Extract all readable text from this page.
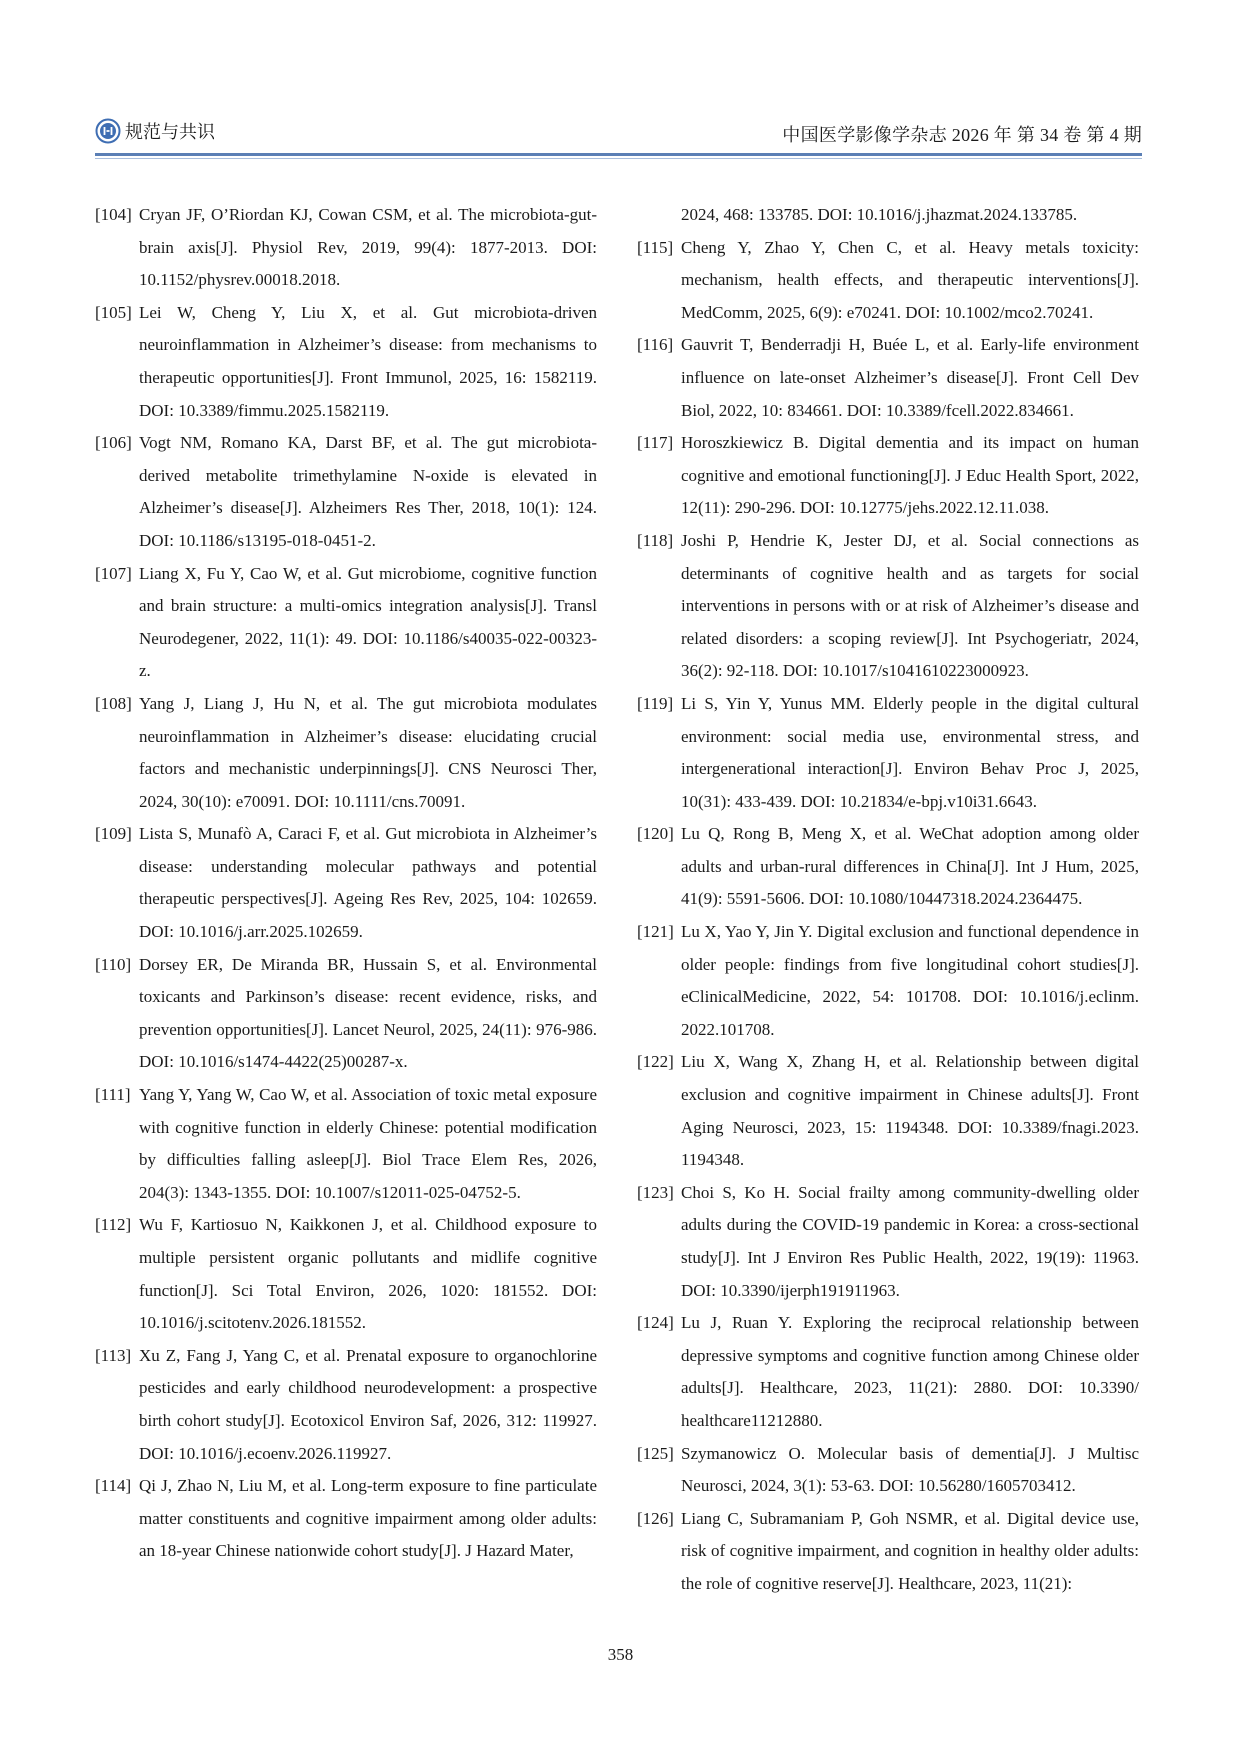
规范与共识	中国医学影像学杂志 2026 年 第 34 卷 第 4 期
[104] Cryan JF, O’Riordan KJ, Cowan CSM, et al. The microbiota-gut-brain axis[J]. Physiol Rev, 2019, 99(4): 1877-2013. DOI: 10.1152/physrev.00018.2018.
[105] Lei W, Cheng Y, Liu X, et al. Gut microbiota-driven neuroinflammation in Alzheimer’s disease: from mechanisms to therapeutic opportunities[J]. Front Immunol, 2025, 16: 1582119. DOI: 10.3389/fimmu.2025.1582119.
[106] Vogt NM, Romano KA, Darst BF, et al. The gut microbiota-derived metabolite trimethylamine N-oxide is elevated in Alzheimer’s disease[J]. Alzheimers Res Ther, 2018, 10(1): 124. DOI: 10.1186/s13195-018-0451-2.
[107] Liang X, Fu Y, Cao W, et al. Gut microbiome, cognitive function and brain structure: a multi-omics integration analysis[J]. Transl Neurodegener, 2022, 11(1): 49. DOI: 10.1186/s40035-022-00323-z.
[108] Yang J, Liang J, Hu N, et al. The gut microbiota modulates neuroinflammation in Alzheimer’s disease: elucidating crucial factors and mechanistic underpinnings[J]. CNS Neurosci Ther, 2024, 30(10): e70091. DOI: 10.1111/cns.70091.
[109] Lista S, Munafò A, Caraci F, et al. Gut microbiota in Alzheimer’s disease: understanding molecular pathways and potential therapeutic perspectives[J]. Ageing Res Rev, 2025, 104: 102659. DOI: 10.1016/j.arr.2025.102659.
[110] Dorsey ER, De Miranda BR, Hussain S, et al. Environmental toxicants and Parkinson’s disease: recent evidence, risks, and prevention opportunities[J]. Lancet Neurol, 2025, 24(11): 976-986. DOI: 10.1016/s1474-4422(25)00287-x.
[111] Yang Y, Yang W, Cao W, et al. Association of toxic metal exposure with cognitive function in elderly Chinese: potential modification by difficulties falling asleep[J]. Biol Trace Elem Res, 2026, 204(3): 1343-1355. DOI: 10.1007/s12011-025-04752-5.
[112] Wu F, Kartiosuo N, Kaikkonen J, et al. Childhood exposure to multiple persistent organic pollutants and midlife cognitive function[J]. Sci Total Environ, 2026, 1020: 181552. DOI: 10.1016/j.scitotenv.2026.181552.
[113] Xu Z, Fang J, Yang C, et al. Prenatal exposure to organochlorine pesticides and early childhood neurodevelopment: a prospective birth cohort study[J]. Ecotoxicol Environ Saf, 2026, 312: 119927. DOI: 10.1016/j.ecoenv.2026.119927.
[114] Qi J, Zhao N, Liu M, et al. Long-term exposure to fine particulate matter constituents and cognitive impairment among older adults: an 18-year Chinese nationwide cohort study[J]. J Hazard Mater,
2024, 468: 133785. DOI: 10.1016/j.jhazmat.2024.133785.
[115] Cheng Y, Zhao Y, Chen C, et al. Heavy metals toxicity: mechanism, health effects, and therapeutic interventions[J]. MedComm, 2025, 6(9): e70241. DOI: 10.1002/mco2.70241.
[116] Gauvrit T, Benderradji H, Buée L, et al. Early-life environment influence on late-onset Alzheimer’s disease[J]. Front Cell Dev Biol, 2022, 10: 834661. DOI: 10.3389/fcell.2022.834661.
[117] Horoszkiewicz B. Digital dementia and its impact on human cognitive and emotional functioning[J]. J Educ Health Sport, 2022, 12(11): 290-296. DOI: 10.12775/jehs.2022.12.11.038.
[118] Joshi P, Hendrie K, Jester DJ, et al. Social connections as determinants of cognitive health and as targets for social interventions in persons with or at risk of Alzheimer’s disease and related disorders: a scoping review[J]. Int Psychogeriatr, 2024, 36(2): 92-118. DOI: 10.1017/s1041610223000923.
[119] Li S, Yin Y, Yunus MM. Elderly people in the digital cultural environment: social media use, environmental stress, and intergenerational interaction[J]. Environ Behav Proc J, 2025, 10(31): 433-439. DOI: 10.21834/e-bpj.v10i31.6643.
[120] Lu Q, Rong B, Meng X, et al. WeChat adoption among older adults and urban-rural differences in China[J]. Int J Hum, 2025, 41(9): 5591-5606. DOI: 10.1080/10447318.2024.2364475.
[121] Lu X, Yao Y, Jin Y. Digital exclusion and functional dependence in older people: findings from five longitudinal cohort studies[J]. eClinicalMedicine, 2022, 54: 101708. DOI: 10.1016/j.eclinm. 2022.101708.
[122] Liu X, Wang X, Zhang H, et al. Relationship between digital exclusion and cognitive impairment in Chinese adults[J]. Front Aging Neurosci, 2023, 15: 1194348. DOI: 10.3389/fnagi.2023. 1194348.
[123] Choi S, Ko H. Social frailty among community-dwelling older adults during the COVID-19 pandemic in Korea: a cross-sectional study[J]. Int J Environ Res Public Health, 2022, 19(19): 11963. DOI: 10.3390/ijerph191911963.
[124] Lu J, Ruan Y. Exploring the reciprocal relationship between depressive symptoms and cognitive function among Chinese older adults[J]. Healthcare, 2023, 11(21): 2880. DOI: 10.3390/ healthcare11212880.
[125] Szymanowicz O. Molecular basis of dementia[J]. J Multisc Neurosci, 2024, 3(1): 53-63. DOI: 10.56280/1605703412.
[126] Liang C, Subramaniam P, Goh NSMR, et al. Digital device use, risk of cognitive impairment, and cognition in healthy older adults: the role of cognitive reserve[J]. Healthcare, 2023, 11(21):
358
